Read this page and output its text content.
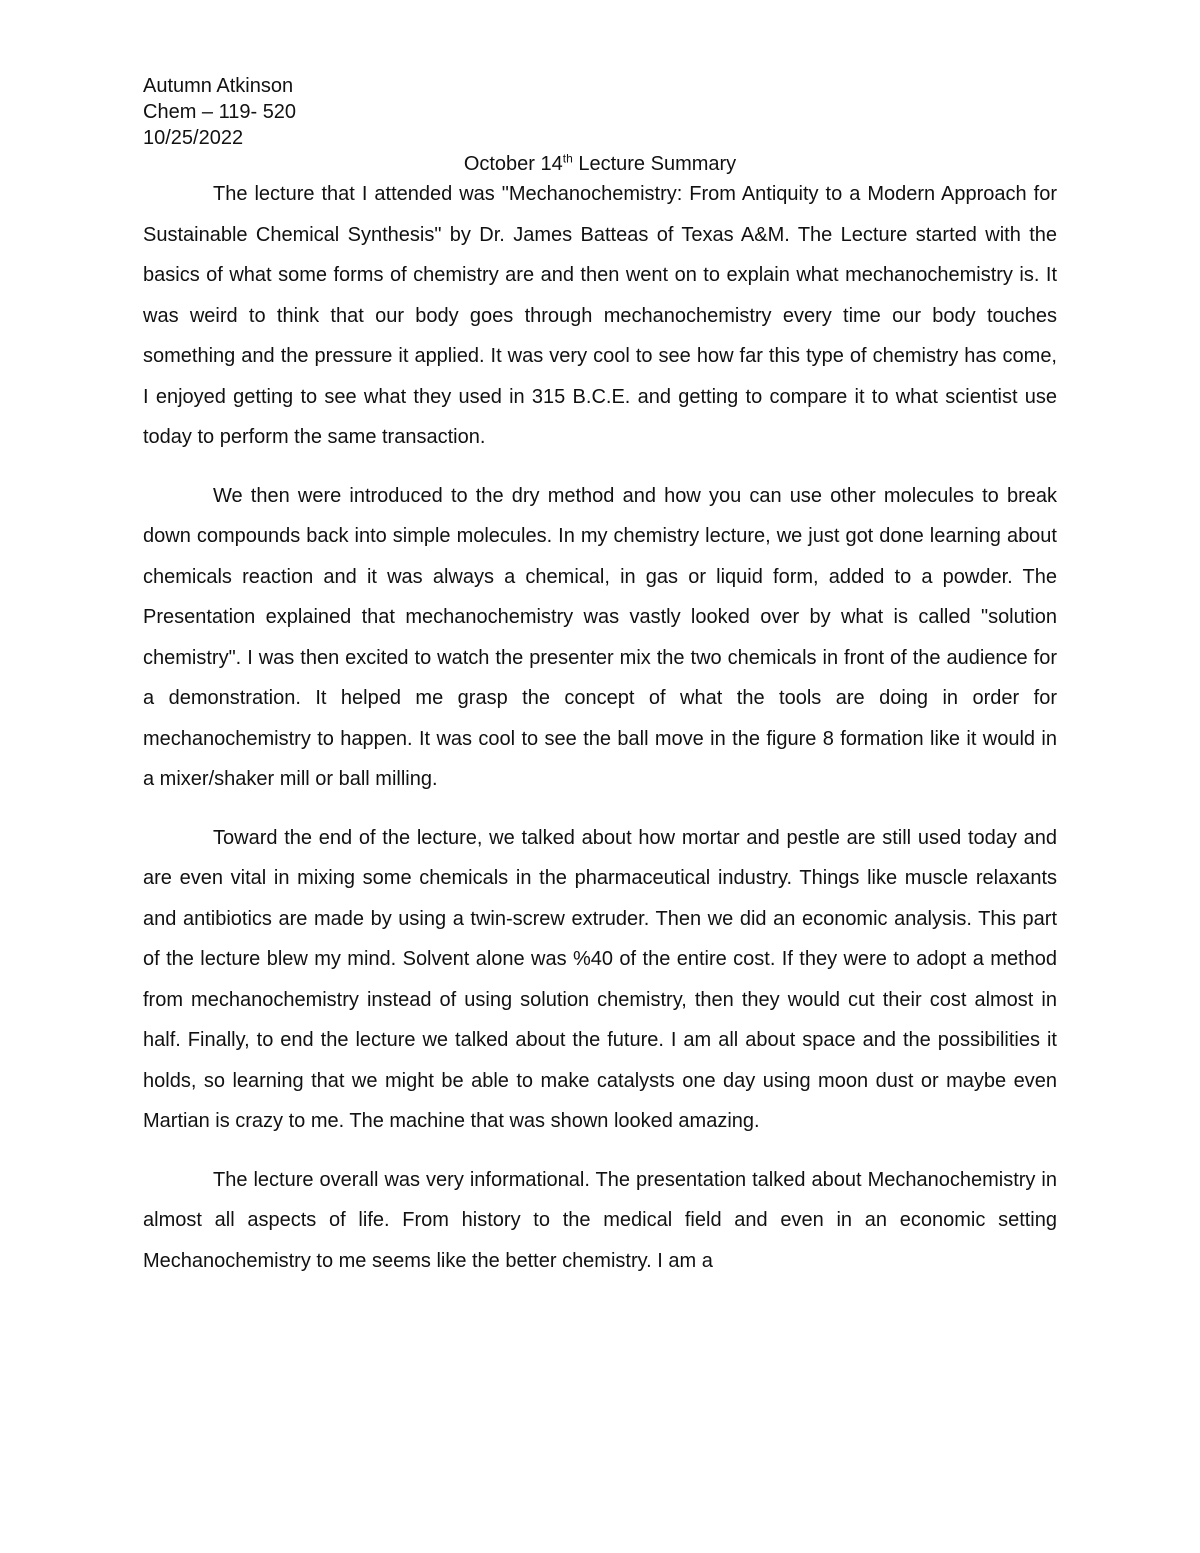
Autumn Atkinson
Chem – 119- 520
10/25/2022
October 14th Lecture Summary

The lecture that I attended was "Mechanochemistry: From Antiquity to a Modern Approach for Sustainable Chemical Synthesis" by Dr. James Batteas of Texas A&M. The Lecture started with the basics of what some forms of chemistry are and then went on to explain what mechanochemistry is. It was weird to think that our body goes through mechanochemistry every time our body touches something and the pressure it applied. It was very cool to see how far this type of chemistry has come, I enjoyed getting to see what they used in 315 B.C.E. and getting to compare it to what scientist use today to perform the same transaction.

We then were introduced to the dry method and how you can use other molecules to break down compounds back into simple molecules. In my chemistry lecture, we just got done learning about chemicals reaction and it was always a chemical, in gas or liquid form, added to a powder. The Presentation explained that mechanochemistry was vastly looked over by what is called "solution chemistry". I was then excited to watch the presenter mix the two chemicals in front of the audience for a demonstration. It helped me grasp the concept of what the tools are doing in order for mechanochemistry to happen. It was cool to see the ball move in the figure 8 formation like it would in a mixer/shaker mill or ball milling.

Toward the end of the lecture, we talked about how mortar and pestle are still used today and are even vital in mixing some chemicals in the pharmaceutical industry. Things like muscle relaxants and antibiotics are made by using a twin-screw extruder. Then we did an economic analysis. This part of the lecture blew my mind. Solvent alone was %40 of the entire cost. If they were to adopt a method from mechanochemistry instead of using solution chemistry, then they would cut their cost almost in half. Finally, to end the lecture we talked about the future. I am all about space and the possibilities it holds, so learning that we might be able to make catalysts one day using moon dust or maybe even Martian is crazy to me. The machine that was shown looked amazing.

The lecture overall was very informational. The presentation talked about Mechanochemistry in almost all aspects of life. From history to the medical field and even in an economic setting Mechanochemistry to me seems like the better chemistry. I am a
